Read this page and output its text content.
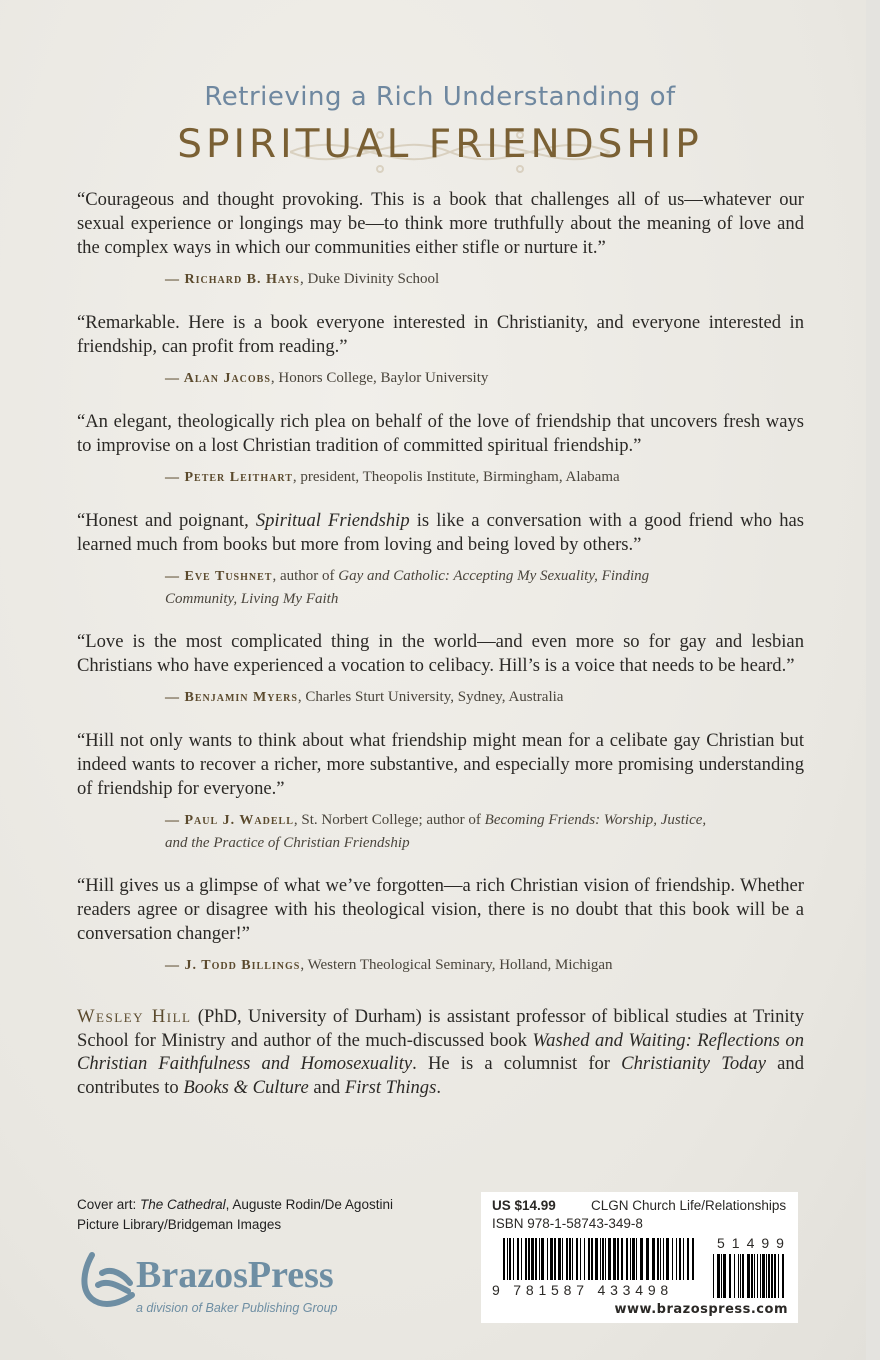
Retrieving a Rich Understanding of
SPIRITUAL FRIENDSHIP
“Courageous and thought provoking. This is a book that challenges all of us—whatever our sexual experience or longings may be—to think more truthfully about the meaning of love and the complex ways in which our communities either stifle or nurture it.”
— Richard B. Hays, Duke Divinity School
“Remarkable. Here is a book everyone interested in Christianity, and everyone interested in friendship, can profit from reading.”
— Alan Jacobs, Honors College, Baylor University
“An elegant, theologically rich plea on behalf of the love of friendship that uncovers fresh ways to improvise on a lost Christian tradition of committed spiritual friendship.”
— Peter Leithart, president, Theopolis Institute, Birmingham, Alabama
“Honest and poignant, Spiritual Friendship is like a conversation with a good friend who has learned much from books but more from loving and being loved by others.”
— Eve Tushnet, author of Gay and Catholic: Accepting My Sexuality, Finding Community, Living My Faith
“Love is the most complicated thing in the world—and even more so for gay and lesbian Christians who have experienced a vocation to celibacy. Hill’s is a voice that needs to be heard.”
— Benjamin Myers, Charles Sturt University, Sydney, Australia
“Hill not only wants to think about what friendship might mean for a celibate gay Christian but indeed wants to recover a richer, more substantive, and especially more promising understanding of friendship for everyone.”
— Paul J. Wadell, St. Norbert College; author of Becoming Friends: Worship, Justice, and the Practice of Christian Friendship
“Hill gives us a glimpse of what we’ve forgotten—a rich Christian vision of friendship. Whether readers agree or disagree with his theological vision, there is no doubt that this book will be a conversation changer!”
— J. Todd Billings, Western Theological Seminary, Holland, Michigan
Wesley Hill (PhD, University of Durham) is assistant professor of biblical studies at Trinity School for Ministry and author of the much-discussed book Washed and Waiting: Reflections on Christian Faithfulness and Homosexuality. He is a columnist for Christianity Today and contributes to Books & Culture and First Things.
Cover art: The Cathedral, Auguste Rodin/De Agostini
Picture Library/Bridgeman Images
BrazosPress
a division of Baker Publishing Group
US $14.99	CLGN Church Life/Relationships
ISBN 978-1-58743-349-8
51499
9 781587 433498
www.brazospress.com
